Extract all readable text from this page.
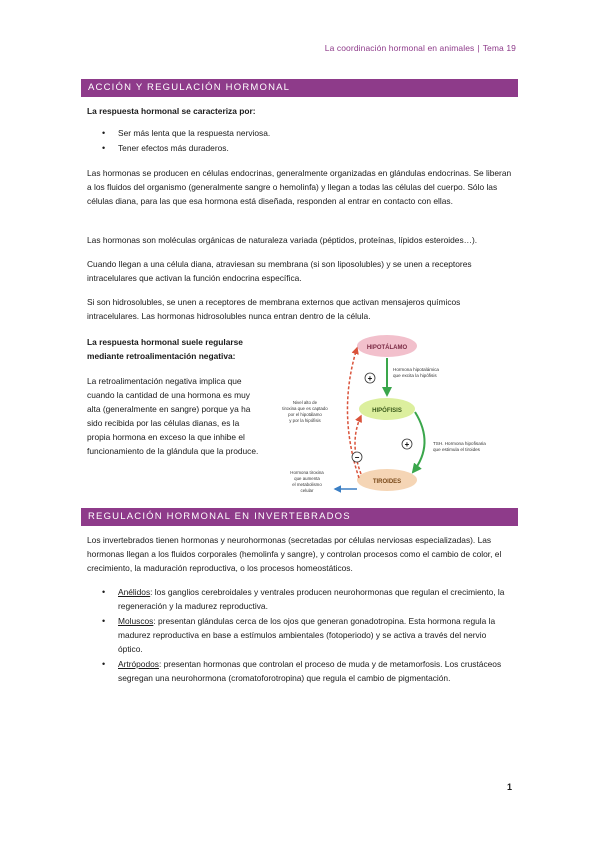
La coordinación hormonal en animales | Tema 19
ACCIÓN Y REGULACIÓN HORMONAL
La respuesta hormonal se caracteriza por:
• Ser más lenta que la respuesta nerviosa.
• Tener efectos más duraderos.
Las hormonas se producen en células endocrinas, generalmente organizadas en glándulas endocrinas. Se liberan a los fluidos del organismo (generalmente sangre o hemolinfa) y llegan a todas las células del cuerpo. Sólo las células diana, para las que esa hormona está diseñada, responden al entrar en contacto con ellas.
Las hormonas son moléculas orgánicas de naturaleza variada (péptidos, proteínas, lípidos esteroides…).
Cuando llegan a una célula diana, atraviesan su membrana (si son liposolubles) y se unen a receptores intracelulares que activan la función endocrina específica.
Si son hidrosolubles, se unen a receptores de membrana externos que activan mensajeros químicos intracelulares. Las hormonas hidrosolubles nunca entran dentro de la célula.
La respuesta hormonal suele regularse mediante retroalimentación negativa:
La retroalimentación negativa implica que cuando la cantidad de una hormona es muy alta (generalmente en sangre) porque ya ha sido recibida por las células dianas, es la propia hormona en exceso la que inhibe el funcionamiento de la glándula que la produce.
HIPOTÁLAMO
HIPÓFISIS
TIROIDES
+
+
−
Hormona hipotalámica
que excita la hipófisis
TSH. Hormona hipofisaria
que estimula el tiroides
Nivel alto de
tiroxina que es captado
por el hipotálamo
y por la hipófisis
Hormona tiroxina
que aumenta
el metabolismo
celular
REGULACIÓN HORMONAL EN INVERTEBRADOS
Los invertebrados tienen hormonas y neurohormonas (secretadas por células nerviosas especializadas). Las hormonas llegan a los fluidos corporales (hemolinfa y sangre), y controlan procesos como el cambio de color, el crecimiento, la maduración reproductiva, o los procesos homeostáticos.
• Anélidos: los ganglios cerebroidales y ventrales producen neurohormonas que regulan el crecimiento, la regeneración y la madurez reproductiva.
• Moluscos: presentan glándulas cerca de los ojos que generan gonadotropina. Esta hormona regula la madurez reproductiva en base a estímulos ambientales (fotoperiodo) y se activa a través del nervio óptico.
• Artrópodos: presentan hormonas que controlan el proceso de muda y de metamorfosis. Los crustáceos segregan una neurohormona (cromatoforotropina) que regula el cambio de pigmentación.
1
